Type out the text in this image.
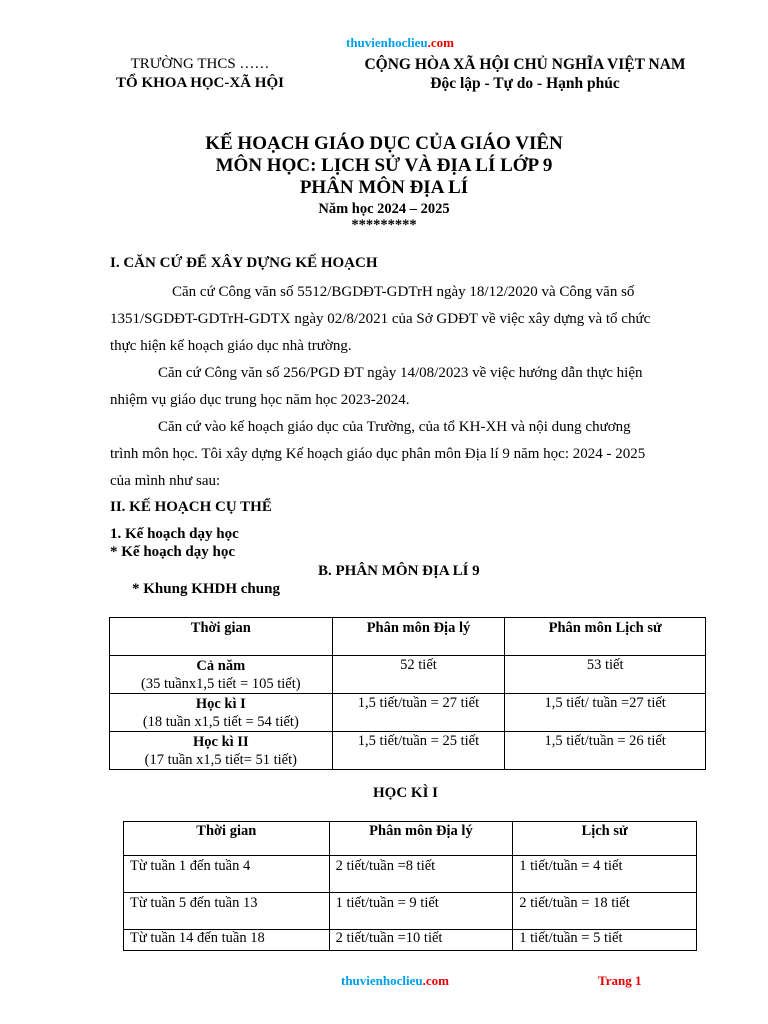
thuvienhoclieu.com
TRƯỜNG THCS ……
TỔ KHOA HỌC-XÃ HỘI
CỘNG HÒA XÃ HỘI CHỦ NGHĨA VIỆT NAM
Độc lập - Tự do - Hạnh phúc
KẾ HOẠCH GIÁO DỤC CỦA GIÁO VIÊN
MÔN HỌC: LỊCH SỬ VÀ ĐỊA LÍ LỚP 9
PHÂN MÔN ĐỊA LÍ
Năm học 2024 – 2025
*********
I. CĂN CỨ ĐỂ XÂY DỰNG KẾ HOẠCH
Căn cứ Công văn số 5512/BGDĐT-GDTrH ngày 18/12/2020 và Công văn số
1351/SGDĐT-GDTrH-GDTX ngày 02/8/2021 của Sở GDĐT về việc xây dựng và tổ chức
thực hiện kế hoạch giáo dục nhà trường.
Căn cứ Công văn số 256/PGD ĐT ngày 14/08/2023 về việc hướng dẫn thực hiện
nhiệm vụ giáo dục trung học năm học 2023-2024.
Căn cứ vào kế hoạch giáo dục của Trường, của tổ KH-XH và nội dung chương
trình môn học. Tôi xây dựng Kế hoạch giáo dục phân môn Địa lí 9 năm học: 2024 - 2025
của mình như sau:
II. KẾ HOẠCH CỤ THỂ
1. Kế hoạch dạy học
* Kế hoạch dạy học
B. PHÂN MÔN ĐỊA LÍ 9
* Khung KHDH chung
Thời gian	Phân môn Địa lý	Phân môn Lịch sử

Cả năm
(35 tuầnx1,5 tiết = 105 tiết)	52 tiết	53 tiết

Học kì I
(18 tuần x1,5 tiết = 54 tiết)	1,5 tiết/tuần = 27 tiết	1,5 tiết/ tuần =27 tiết

Học kì II
(17 tuần x1,5 tiết= 51 tiết)	1,5 tiết/tuần = 25 tiết	1,5 tiết/tuần = 26 tiết
HỌC KÌ I
Thời gian	Phân môn Địa lý	Lịch sử
Từ tuần 1 đến tuần 4	2 tiết/tuần =8 tiết	1 tiết/tuần = 4 tiết
Từ tuần 5 đến tuần 13	1 tiết/tuần = 9 tiết	2 tiết/tuần = 18 tiết
Từ tuần 14 đến tuần 18	2 tiết/tuần =10 tiết	1 tiết/tuần = 5 tiết
thuvienhoclieu.com	Trang 1
